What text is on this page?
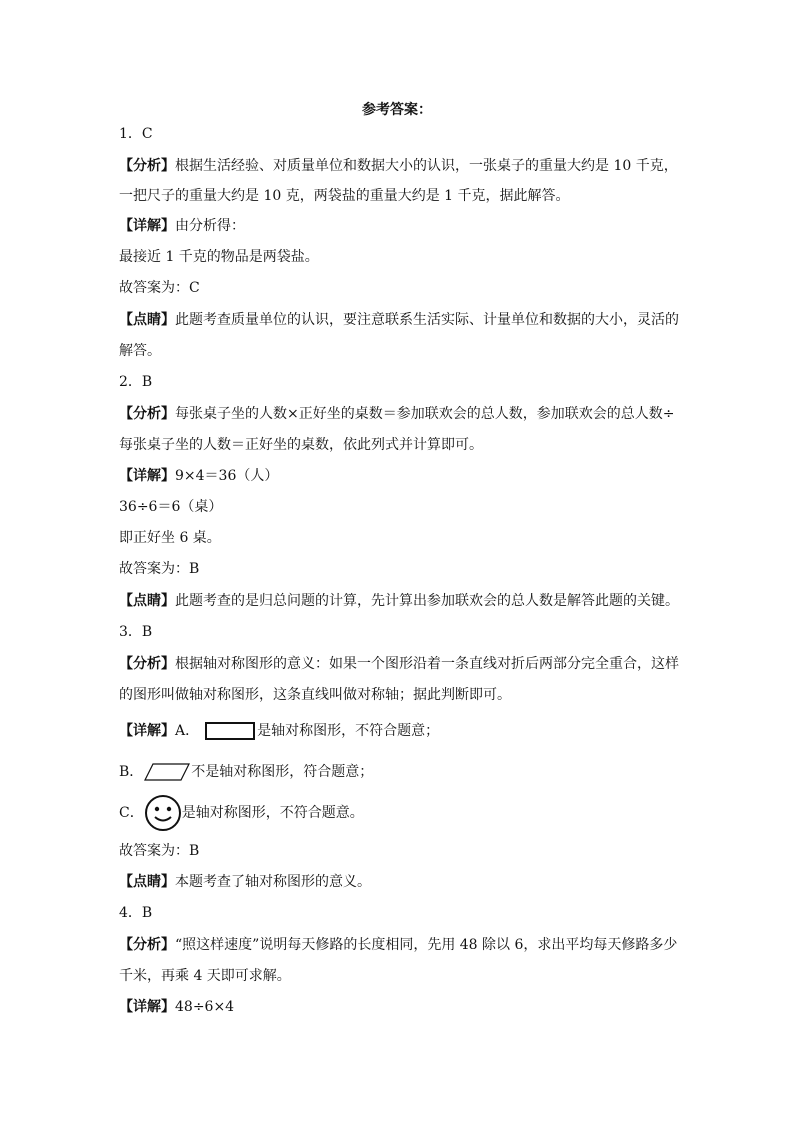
参考答案：
1．C
【分析】根据生活经验、对质量单位和数据大小的认识，一张桌子的重量大约是 10 千克，
一把尺子的重量大约是 10 克，两袋盐的重量大约是 1 千克，据此解答。
【详解】由分析得：
最接近 1 千克的物品是两袋盐。
故答案为：C
【点睛】此题考查质量单位的认识，要注意联系生活实际、计量单位和数据的大小，灵活的
解答。
2．B
【分析】每张桌子坐的人数×正好坐的桌数＝参加联欢会的总人数，参加联欢会的总人数÷
每张桌子坐的人数＝正好坐的桌数，依此列式并计算即可。
【详解】9×4＝36（人）
36÷6＝6（桌）
即正好坐 6 桌。
故答案为：B
【点睛】此题考查的是归总问题的计算，先计算出参加联欢会的总人数是解答此题的关键。
3．B
【分析】根据轴对称图形的意义：如果一个图形沿着一条直线对折后两部分完全重合，这样
的图形叫做轴对称图形，这条直线叫做对称轴；据此判断即可。
【详解】A．	是轴对称图形，不符合题意；
B．	不是轴对称图形，符合题意；
C．	是轴对称图形，不符合题意。
故答案为：B
【点睛】本题考查了轴对称图形的意义。
4．B
【分析】“照这样速度”说明每天修路的长度相同，先用 48 除以 6，求出平均每天修路多少
千米，再乘 4 天即可求解。
【详解】48÷6×4
